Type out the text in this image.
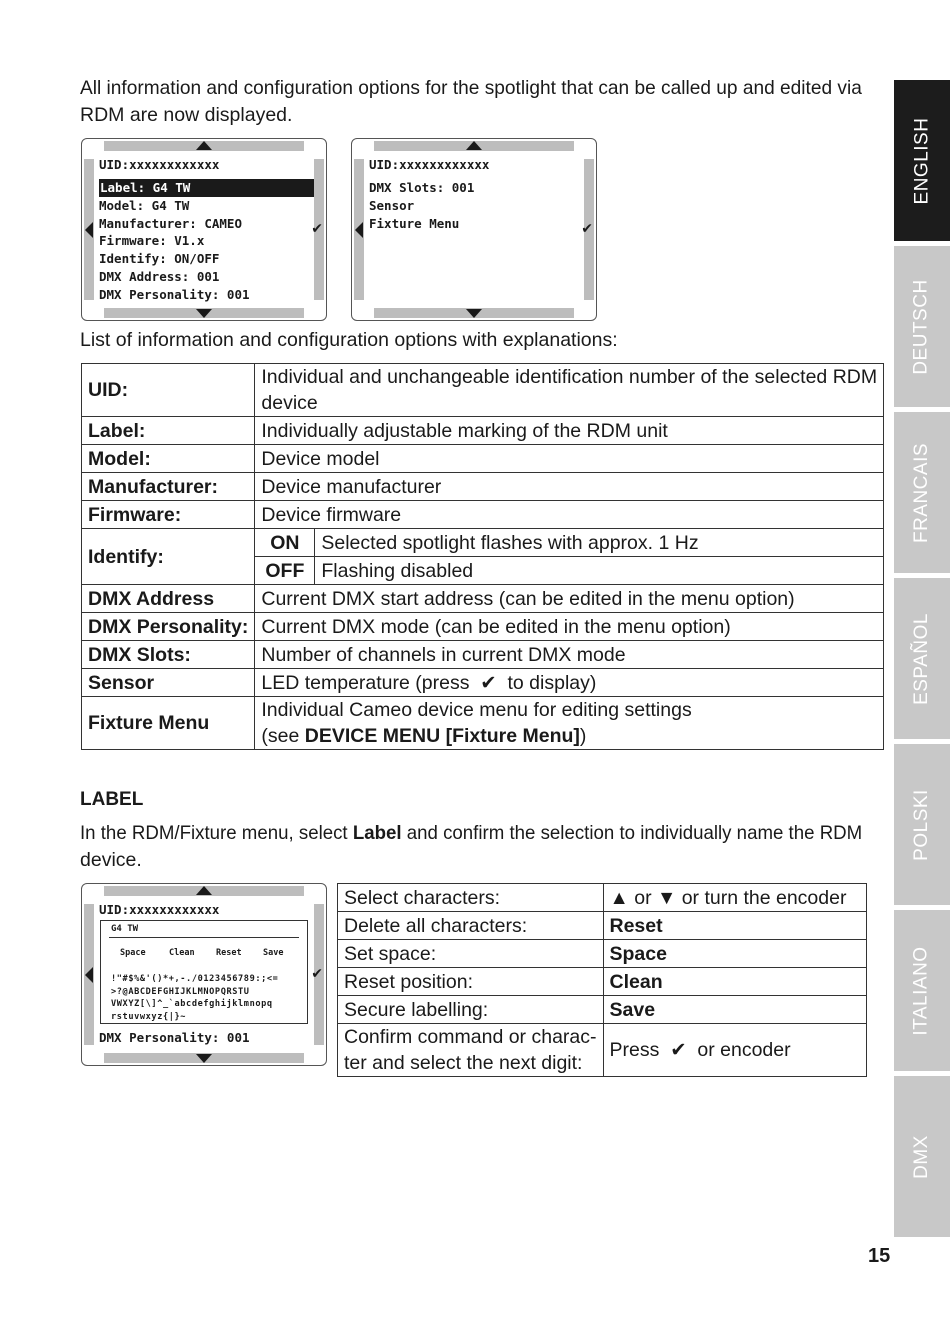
ENGLISH
DEUTSCH
FRANCAIS
ESPAÑOL
POLSKI
ITALIANO
DMX
All information and configuration options for the spotlight that can be called up and edited via
RDM are now displayed.
✔
UID:xxxxxxxxxxxx
Label: G4 TW
Model: G4 TW
Manufacturer: CAMEO
Firmware: V1.x
Identify: ON/OFF
DMX Address: 001
DMX Personality: 001
✔
UID:xxxxxxxxxxxx
DMX Slots: 001
Sensor
Fixture Menu
List of information and configuration options with explanations:
UID:	Individual and unchangeable identification number of the selected RDM
device	

Label:	Individually adjustable marking of the RDM unit	
Model:	Device model	
Manufacturer:	Device manufacturer	
Firmware:	Device firmware	
Identify:	ON	Selected spotlight flashes with approx. 1 Hz
	OFF	Flashing disabled
DMX Address	Current DMX start address (can be edited in the menu option)	
DMX Personality:	Current DMX mode (can be edited in the menu option)	
DMX Slots:	Number of channels in current DMX mode	
Sensor	LED temperature (press  ✔  to display)	
Fixture Menu	Individual Cameo device menu for editing settings
(see DEVICE MENU [Fixture Menu])	
LABEL
In the RDM/Fixture menu, select Label and confirm the selection to individually name the RDM
device.
✔
UID:xxxxxxxxxxxx
DMX Personality: 001
G4 TW
Space	Clean	Reset	Save
!"#$%&'()*+,-./0123456789:;<=
>?@ABCDEFGHIJKLMNOPQRSTU
VWXYZ[\]^_`abcdefghijklmnopq
rstuvwxyz{|}~
Select characters:	▲ or ▼ or turn the encoder
Delete all characters:	Reset
Set space:	Space
Reset position:	Clean
Secure labelling:	Save

Confirm command or charac-
ter and select the next digit:	Press  ✔  or encoder
15
